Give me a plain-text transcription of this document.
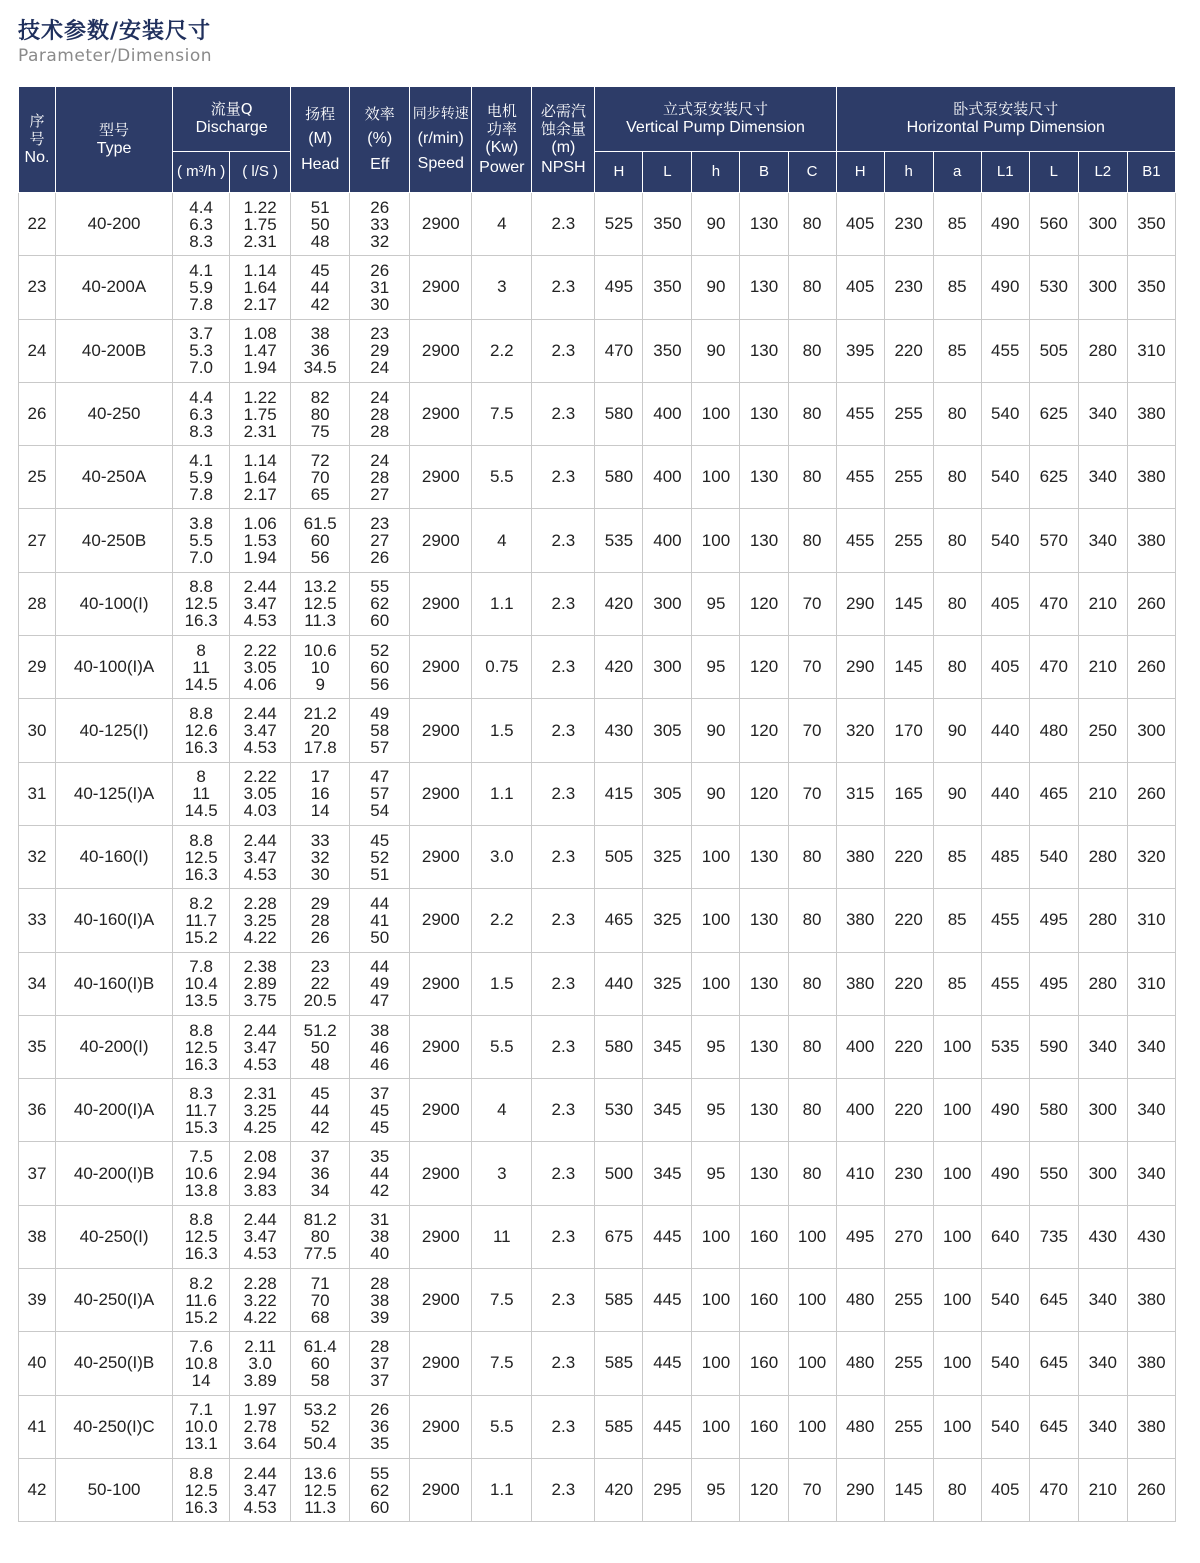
技术参数/安装尺寸
Parameter/Dimension
序号
No.	型号
Type	流量Q
Discharge		扬程
(M)
Head	效率
(%)
Eff	同步转速
(r/min)
Speed	电机
功率
(Kw)
Power	必需汽
蚀余量
(m)
NPSH	立式泵安装尺寸
Vertical Pump Dimension					卧式泵安装尺寸
Horizontal Pump Dimension						

		( m³/h )	( l/S )						H	L	h	B	C	H	h	a	L1	L	L2	B1
22	40-200	4.4
6.3
8.3	1.22
1.75
2.31	51
50
48	26
33
32	2900	4	2.3	525	350	90	130	80	405	230	85	490	560	300	350
23	40-200A	4.1
5.9
7.8	1.14
1.64
2.17	45
44
42	26
31
30	2900	3	2.3	495	350	90	130	80	405	230	85	490	530	300	350
24	40-200B	3.7
5.3
7.0	1.08
1.47
1.94	38
36
34.5	23
29
24	2900	2.2	2.3	470	350	90	130	80	395	220	85	455	505	280	310
26	40-250	4.4
6.3
8.3	1.22
1.75
2.31	82
80
75	24
28
28	2900	7.5	2.3	580	400	100	130	80	455	255	80	540	625	340	380
25	40-250A	4.1
5.9
7.8	1.14
1.64
2.17	72
70
65	24
28
27	2900	5.5	2.3	580	400	100	130	80	455	255	80	540	625	340	380
27	40-250B	3.8
5.5
7.0	1.06
1.53
1.94	61.5
60
56	23
27
26	2900	4	2.3	535	400	100	130	80	455	255	80	540	570	340	380
28	40-100(I)	8.8
12.5
16.3	2.44
3.47
4.53	13.2
12.5
11.3	55
62
60	2900	1.1	2.3	420	300	95	120	70	290	145	80	405	470	210	260
29	40-100(I)A	8
11
14.5	2.22
3.05
4.06	10.6
10
9	52
60
56	2900	0.75	2.3	420	300	95	120	70	290	145	80	405	470	210	260
30	40-125(I)	8.8
12.6
16.3	2.44
3.47
4.53	21.2
20
17.8	49
58
57	2900	1.5	2.3	430	305	90	120	70	320	170	90	440	480	250	300
31	40-125(I)A	8
11
14.5	2.22
3.05
4.03	17
16
14	47
57
54	2900	1.1	2.3	415	305	90	120	70	315	165	90	440	465	210	260
32	40-160(I)	8.8
12.5
16.3	2.44
3.47
4.53	33
32
30	45
52
51	2900	3.0	2.3	505	325	100	130	80	380	220	85	485	540	280	320
33	40-160(I)A	8.2
11.7
15.2	2.28
3.25
4.22	29
28
26	44
41
50	2900	2.2	2.3	465	325	100	130	80	380	220	85	455	495	280	310
34	40-160(I)B	7.8
10.4
13.5	2.38
2.89
3.75	23
22
20.5	44
49
47	2900	1.5	2.3	440	325	100	130	80	380	220	85	455	495	280	310
35	40-200(I)	8.8
12.5
16.3	2.44
3.47
4.53	51.2
50
48	38
46
46	2900	5.5	2.3	580	345	95	130	80	400	220	100	535	590	340	340
36	40-200(I)A	8.3
11.7
15.3	2.31
3.25
4.25	45
44
42	37
45
45	2900	4	2.3	530	345	95	130	80	400	220	100	490	580	300	340
37	40-200(I)B	7.5
10.6
13.8	2.08
2.94
3.83	37
36
34	35
44
42	2900	3	2.3	500	345	95	130	80	410	230	100	490	550	300	340
38	40-250(I)	8.8
12.5
16.3	2.44
3.47
4.53	81.2
80
77.5	31
38
40	2900	11	2.3	675	445	100	160	100	495	270	100	640	735	430	430
39	40-250(I)A	8.2
11.6
15.2	2.28
3.22
4.22	71
70
68	28
38
39	2900	7.5	2.3	585	445	100	160	100	480	255	100	540	645	340	380
40	40-250(I)B	7.6
10.8
14	2.11
3.0
3.89	61.4
60
58	28
37
37	2900	7.5	2.3	585	445	100	160	100	480	255	100	540	645	340	380
41	40-250(I)C	7.1
10.0
13.1	1.97
2.78
3.64	53.2
52
50.4	26
36
35	2900	5.5	2.3	585	445	100	160	100	480	255	100	540	645	340	380
42	50-100	8.8
12.5
16.3	2.44
3.47
4.53	13.6
12.5
11.3	55
62
60	2900	1.1	2.3	420	295	95	120	70	290	145	80	405	470	210	260
